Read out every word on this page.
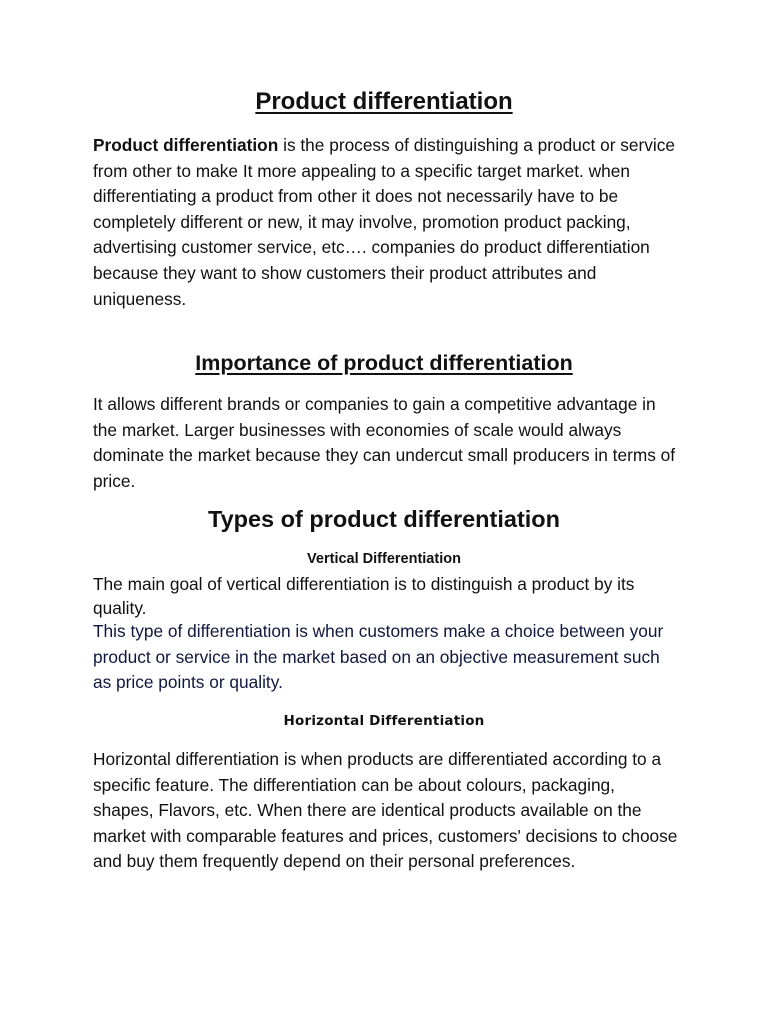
Product differentiation

Product differentiation is the process of distinguishing a product or service from other to make It more appealing to a specific target market. when differentiating a product from other it does not necessarily have to be completely different or new, it may involve, promotion product packing, advertising customer service, etc…. companies do product differentiation because they want to show customers their product attributes and uniqueness.

Importance of product differentiation

It allows different brands or companies to gain a competitive advantage in the market. Larger businesses with economies of scale would always dominate the market because they can undercut small producers in terms of price.

Types of product differentiation
Vertical Differentiation

The main goal of vertical differentiation is to distinguish a product by its quality.

This type of differentiation is when customers make a choice between your product or service in the market based on an objective measurement such as price points or quality.

Horizontal Differentiation

Horizontal differentiation is when products are differentiated according to a specific feature. The differentiation can be about colours, packaging, shapes, Flavors, etc. When there are identical products available on the market with comparable features and prices, customers' decisions to choose and buy them frequently depend on their personal preferences.
